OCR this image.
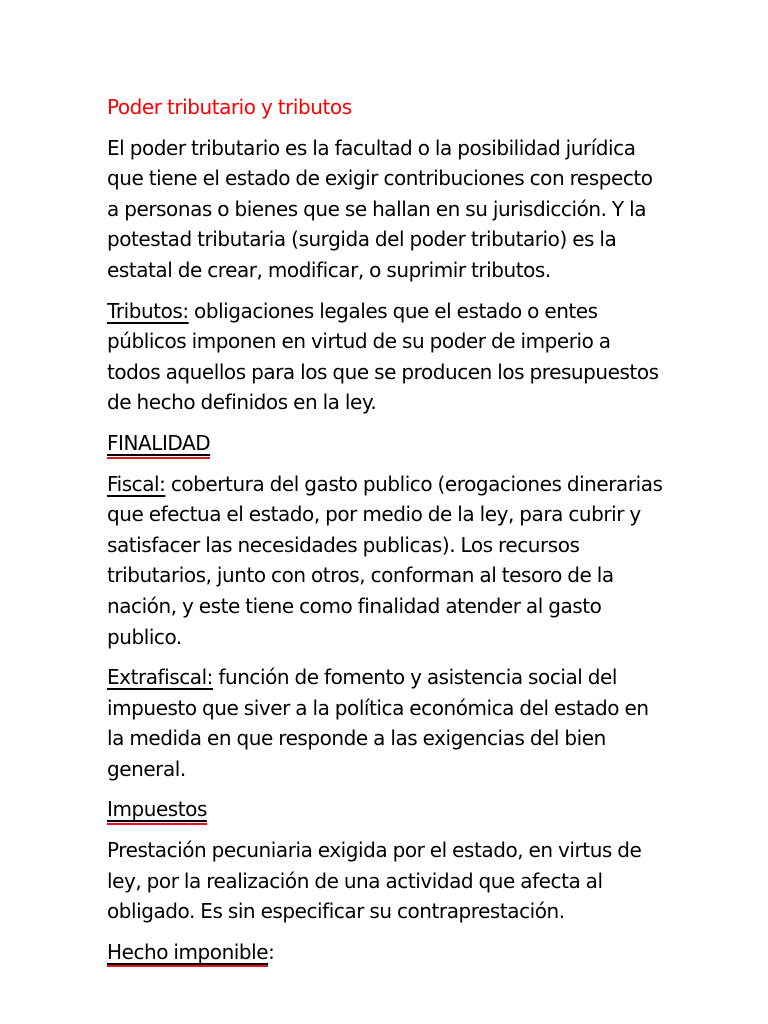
Poder tributario y tributos

El poder tributario es la facultad o la posibilidad jurídica que tiene el estado de exigir contribuciones con respecto a personas o bienes que se hallan en su jurisdicción. Y la potestad tributaria (surgida del poder tributario) es la estatal de crear, modificar, o suprimir tributos.

Tributos: obligaciones legales que el estado o entes públicos imponen en virtud de su poder de imperio a todos aquellos para los que se producen los presupuestos de hecho definidos en la ley.

FINALIDAD

Fiscal: cobertura del gasto publico (erogaciones dinerarias que efectua el estado, por medio de la ley, para cubrir y satisfacer las necesidades publicas). Los recursos tributarios, junto con otros, conforman al tesoro de la nación, y este tiene como finalidad atender al gasto publico.

Extrafiscal: función de fomento y asistencia social del impuesto que siver a la política económica del estado en la medida en que responde a las exigencias del bien general.

Impuestos

Prestación pecuniaria exigida por el estado, en virtus de ley, por la realización de una actividad que afecta al obligado. Es sin especificar su contraprestación.

Hecho imponible:
